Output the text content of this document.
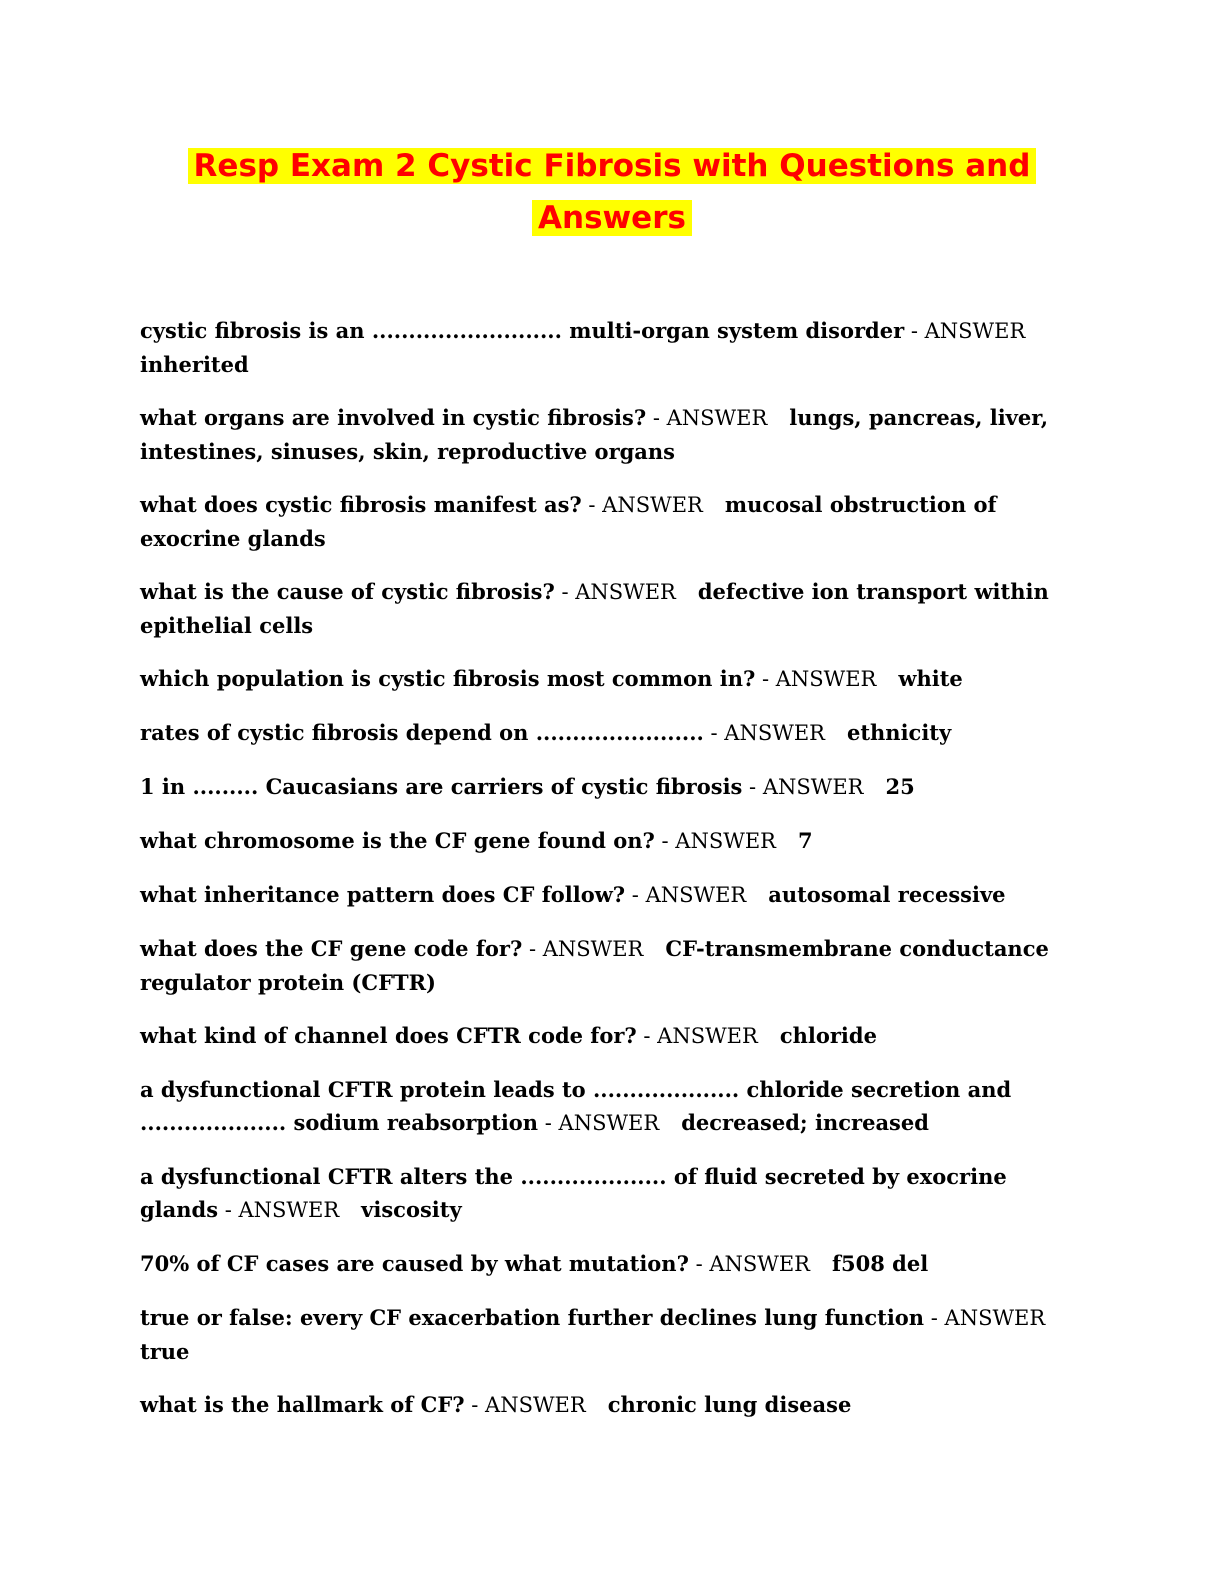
Resp Exam 2 Cystic Fibrosis with Questions and Answers

cystic fibrosis is an .......................... multi-organ system disorder - ANSWER inherited

what organs are involved in cystic fibrosis? - ANSWER lungs, pancreas, liver, intestines, sinuses, skin, reproductive organs

what does cystic fibrosis manifest as? - ANSWER mucosal obstruction of exocrine glands

what is the cause of cystic fibrosis? - ANSWER defective ion transport within epithelial cells

which population is cystic fibrosis most common in? - ANSWER white

rates of cystic fibrosis depend on ....................... - ANSWER ethnicity

1 in ......... Caucasians are carriers of cystic fibrosis - ANSWER 25

what chromosome is the CF gene found on? - ANSWER 7

what inheritance pattern does CF follow? - ANSWER autosomal recessive

what does the CF gene code for? - ANSWER CF-transmembrane conductance regulator protein (CFTR)

what kind of channel does CFTR code for? - ANSWER chloride

a dysfunctional CFTR protein leads to .................... chloride secretion and .................... sodium reabsorption - ANSWER decreased; increased

a dysfunctional CFTR alters the .................... of fluid secreted by exocrine glands - ANSWER viscosity

70% of CF cases are caused by what mutation? - ANSWER f508 del

true or false: every CF exacerbation further declines lung function - ANSWER true

what is the hallmark of CF? - ANSWER chronic lung disease
